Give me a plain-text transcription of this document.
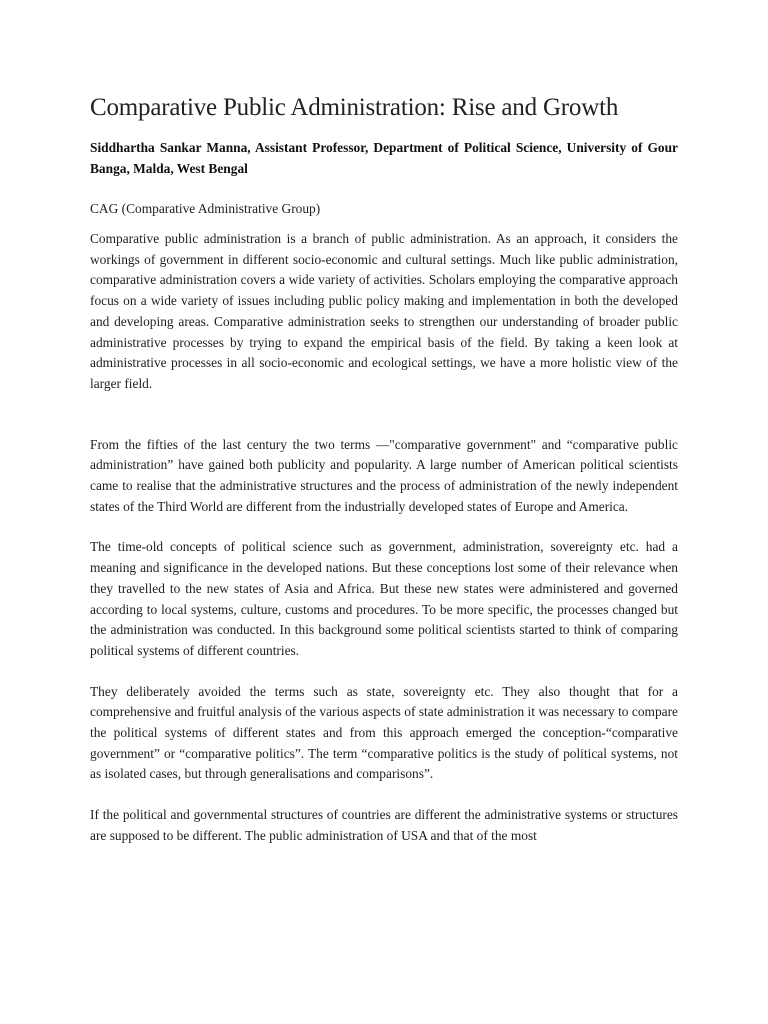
Comparative Public Administration: Rise and Growth
Siddhartha Sankar Manna, Assistant Professor, Department of Political Science, University of Gour Banga, Malda, West Bengal
CAG (Comparative Administrative Group)

Comparative public administration is a branch of public administration. As an approach, it considers the workings of government in different socio-economic and cultural settings. Much like public administration, comparative administration covers a wide variety of activities. Scholars employing the comparative approach focus on a wide variety of issues including public policy making and implementation in both the developed and developing areas. Comparative administration seeks to strengthen our understanding of broader public administrative processes by trying to expand the empirical basis of the field. By taking a keen look at administrative processes in all socio-economic and ecological settings, we have a more holistic view of the larger field.

From the fifties of the last century the two terms —"comparative government" and “comparative public administration” have gained both publicity and popularity. A large number of American political scientists came to realise that the administrative structures and the process of administration of the newly independent states of the Third World are different from the industrially developed states of Europe and America.

The time-old concepts of political science such as government, administration, sovereignty etc. had a meaning and significance in the developed nations. But these conceptions lost some of their relevance when they travelled to the new states of Asia and Africa. But these new states were administered and governed according to local systems, culture, customs and procedures. To be more specific, the processes changed but the administration was conducted. In this background some political scientists started to think of comparing political systems of different countries.

They deliberately avoided the terms such as state, sovereignty etc. They also thought that for a comprehensive and fruitful analysis of the various aspects of state administration it was necessary to compare the political systems of different states and from this approach emerged the conception-“comparative government” or “comparative politics”. The term “comparative politics is the study of political systems, not as isolated cases, but through generalisations and comparisons”.

If the political and governmental structures of countries are different the administrative systems or structures are supposed to be different. The public administration of USA and that of the most
